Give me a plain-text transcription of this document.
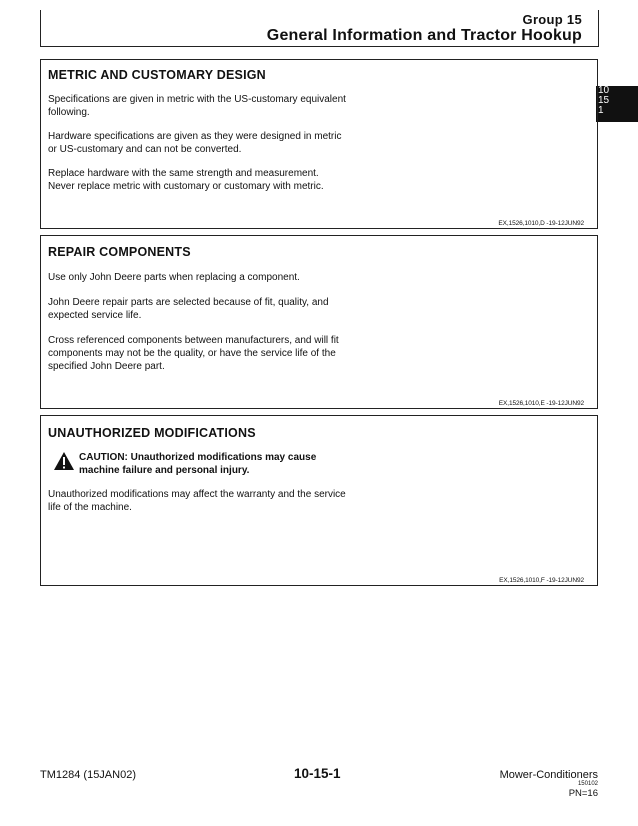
Group 15
General Information and Tractor Hookup
10
15
1
METRIC AND CUSTOMARY DESIGN

Specifications are given in metric with the US-customary equivalent following.

Hardware specifications are given as they were designed in metric or US-customary and can not be converted.

Replace hardware with the same strength and measurement. Never replace metric with customary or customary with metric.

EX,1526,1010,D -19-12JUN92
REPAIR COMPONENTS

Use only John Deere parts when replacing a component.

John Deere repair parts are selected because of fit, quality, and expected service life.

Cross referenced components between manufacturers, and will fit components may not be the quality, or have the service life of the specified John Deere part.

EX,1526,1010,E -19-12JUN92
UNAUTHORIZED MODIFICATIONS
CAUTION: Unauthorized modifications may cause machine failure and personal injury.

Unauthorized modifications may affect the warranty and the service life of the machine.

EX,1526,1010,F -19-12JUN92
TM1284 (15JAN02)	10-15-1	Mower-Conditioners
150102
PN=16
